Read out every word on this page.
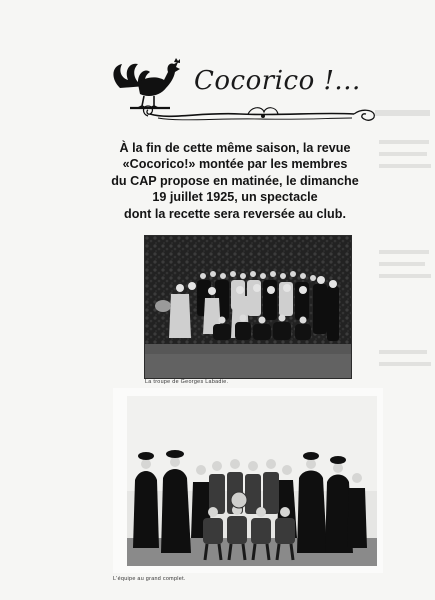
Cocorico !...
À la fin de cette même saison, la revue
«Cocorico!» montée par les membres
du CAP propose en matinée, le dimanche
19 juillet 1925, un spectacle
dont la recette sera reversée au club.
La troupe de Georges Labadie.
L'équipe au grand complet.
